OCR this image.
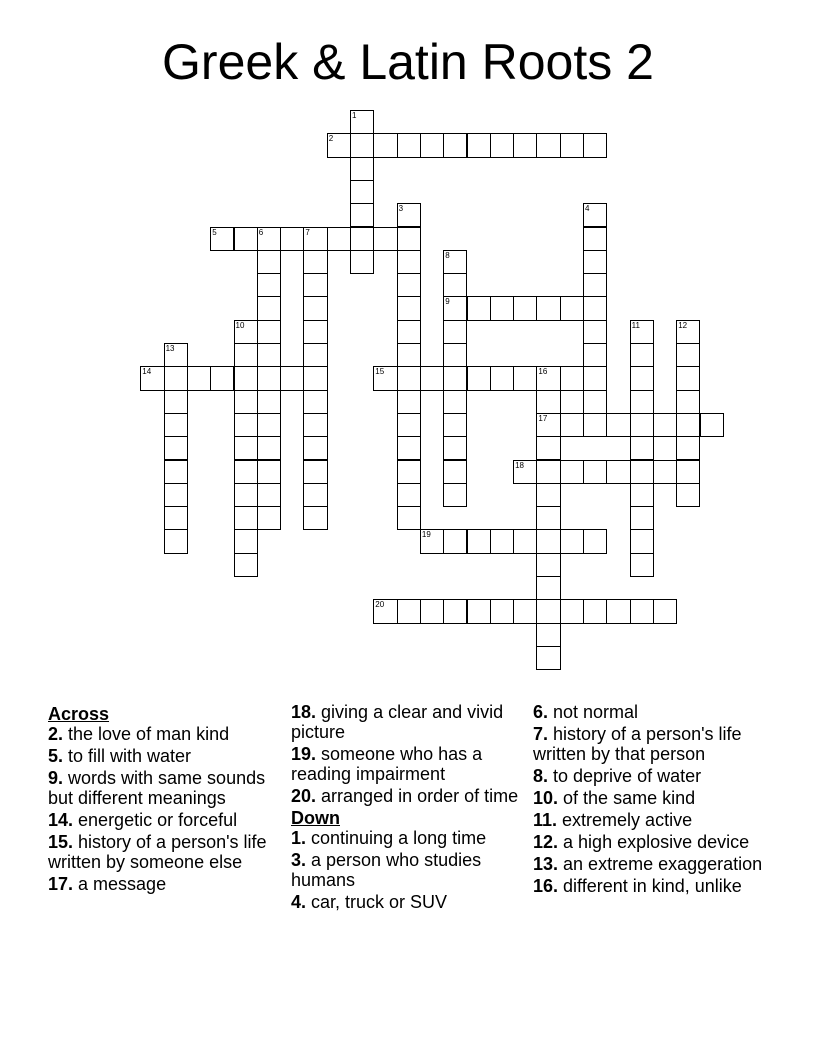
Greek & Latin Roots 2
1
2
3	4
5	6	7
8
9
10	11	12
13
14	15	16
17
18
19
20
Across
2. the love of man kind
5. to fill with water
9. words with same sounds but different meanings
14. energetic or forceful
15. history of a person's life written by someone else
17. a message
18. giving a clear and vivid picture
19. someone who has a reading impairment
20. arranged in order of time
Down
1. continuing a long time
3. a person who studies humans
4. car, truck or SUV
6. not normal
7. history of a person's life written by that person
8. to deprive of water
10. of the same kind
11. extremely active
12. a high explosive device
13. an extreme exaggeration
16. different in kind, unlike
